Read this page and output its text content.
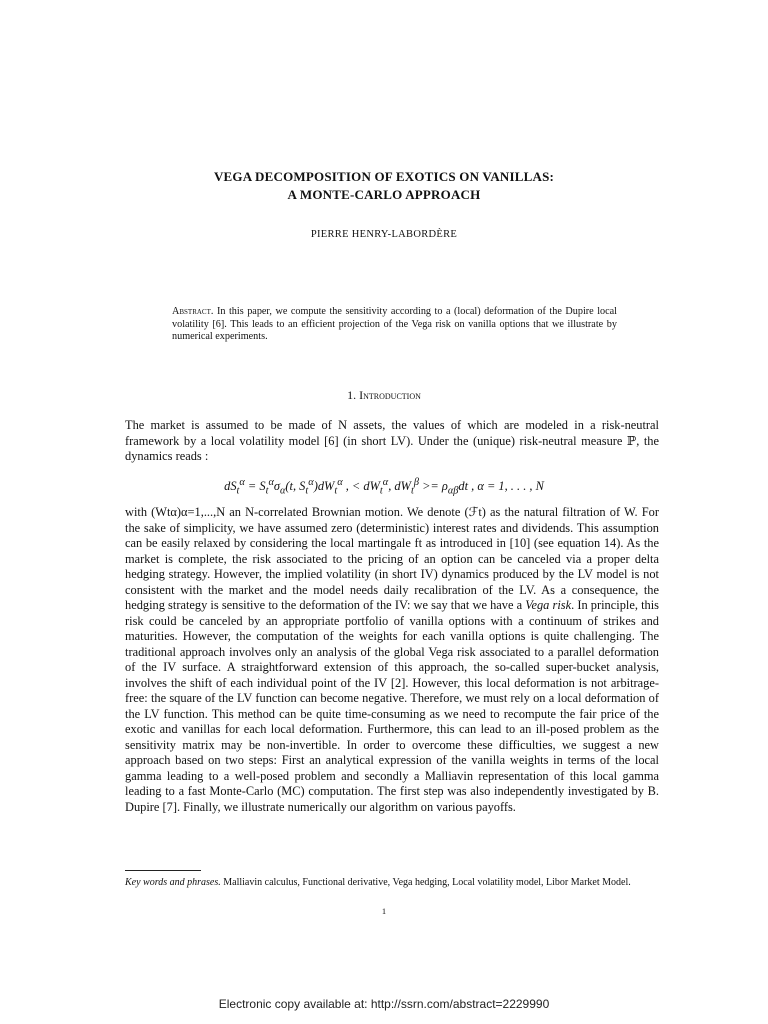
VEGA DECOMPOSITION OF EXOTICS ON VANILLAS:
A MONTE-CARLO APPROACH
PIERRE HENRY-LABORDÈRE
Abstract. In this paper, we compute the sensitivity according to a (local) deformation of the Dupire local volatility [6]. This leads to an efficient projection of the Vega risk on vanilla options that we illustrate by numerical experiments.
1. Introduction
The market is assumed to be made of N assets, the values of which are modeled in a risk-neutral framework by a local volatility model [6] (in short LV). Under the (unique) risk-neutral measure ℙ, the dynamics reads :
$dS_t^\alpha = S_t^\alpha\sigma_\alpha(t$, $S_t^\alpha)dW_t^\alpha$ , < $dW_t^\alpha$, $dW_t^\beta >= \rho_{\alpha\beta}dt$ , α = 1, . . . , N
with (Wtα)α=1,...,N an N-correlated Brownian motion. We denote (ℱt) as the natural filtration of W. For the sake of simplicity, we have assumed zero (deterministic) interest rates and dividends. This assumption can be easily relaxed by considering the local martingale ft as introduced in [10] (see equation 14). As the market is complete, the risk associated to the pricing of an option can be canceled via a proper delta hedging strategy. However, the implied volatility (in short IV) dynamics produced by the LV model is not consistent with the market and the model needs daily recalibration of the LV. As a consequence, the hedging strategy is sensitive to the deformation of the IV: we say that we have a Vega risk. In principle, this risk could be canceled by an appropriate portfolio of vanilla options with a continuum of strikes and maturities. However, the computation of the weights for each vanilla options is quite challenging. The traditional approach involves only an analysis of the global Vega risk associated to a parallel deformation of the IV surface. A straightforward extension of this approach, the so-called super-bucket analysis, involves the shift of each individual point of the IV [2]. However, this local deformation is not arbitrage-free: the square of the LV function can become negative. Therefore, we must rely on a local deformation of the LV function. This method can be quite time-consuming as we need to recompute the fair price of the exotic and vanillas for each local deformation. Furthermore, this can lead to an ill-posed problem as the sensitivity matrix may be non-invertible. In order to overcome these difficulties, we suggest a new approach based on two steps: First an analytical expression of the vanilla weights in terms of the local gamma leading to a well-posed problem and secondly a Malliavin representation of this local gamma leading to a fast Monte-Carlo (MC) computation. The first step was also independently investigated by B. Dupire [7]. Finally, we illustrate numerically our algorithm on various payoffs.
Key words and phrases. Malliavin calculus, Functional derivative, Vega hedging, Local volatility model, Libor Market Model.
1
Electronic copy available at: http://ssrn.com/abstract=2229990
